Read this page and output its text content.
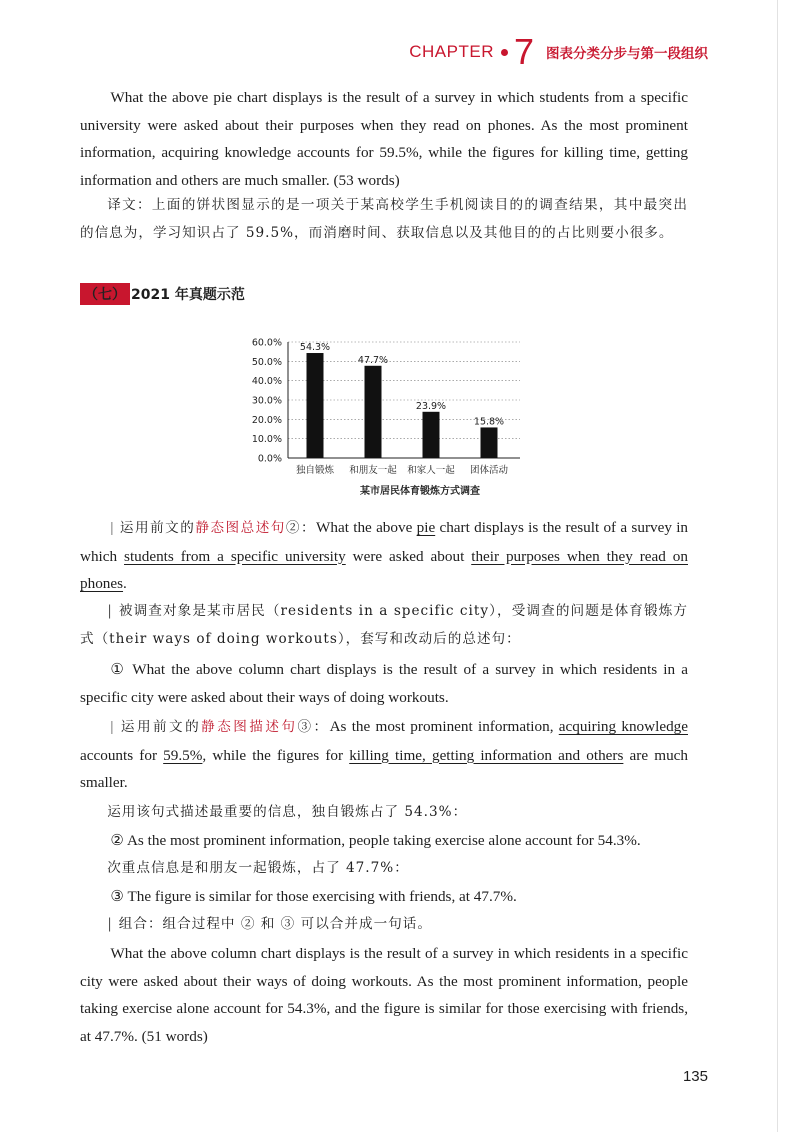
CHAPTER 7 图表分类分步与第一段组织
What the above pie chart displays is the result of a survey in which students from a specific university were asked about their purposes when they read on phones. As the most prominent information, acquiring knowledge accounts for 59.5%, while the figures for killing time, getting information and others are much smaller. (53 words)
译文：上面的饼状图显示的是一项关于某高校学生手机阅读目的的调查结果，其中最突出的信息为，学习知识占了 59.5%，而消磨时间、获取信息以及其他目的的占比则要小很多。
（七） 2021 年真题示范
0.0%
10.0%
20.0%
30.0%
40.0%
50.0%
60.0% 54.3%
47.7%
23.9%
15.8%
独自锻炼 和朋友一起 和家人一起 团体活动
某市居民体育锻炼方式调查
| 运用前文的静态图总述句②：What the above pie chart displays is the result of a survey in which students from a specific university were asked about their purposes when they read on phones.
| 被调查对象是某市居民（residents in a specific city），受调查的问题是体育锻炼方式（their ways of doing workouts），套写和改动后的总述句：
① What the above column chart displays is the result of a survey in which residents in a specific city were asked about their ways of doing workouts.
| 运用前文的静态图描述句③：As the most prominent information, acquiring knowledge accounts for 59.5%, while the figures for killing time, getting information and others are much smaller.
运用该句式描述最重要的信息，独自锻炼占了 54.3%：
② As the most prominent information, people taking exercise alone account for 54.3%.
次重点信息是和朋友一起锻炼，占了 47.7%：
③ The figure is similar for those exercising with friends, at 47.7%.
| 组合：组合过程中 ② 和 ③ 可以合并成一句话。
What the above column chart displays is the result of a survey in which residents in a specific city were asked about their ways of doing workouts. As the most prominent information, people taking exercise alone account for 54.3%, and the figure is similar for those exercising with friends, at 47.7%. (51 words)
135
